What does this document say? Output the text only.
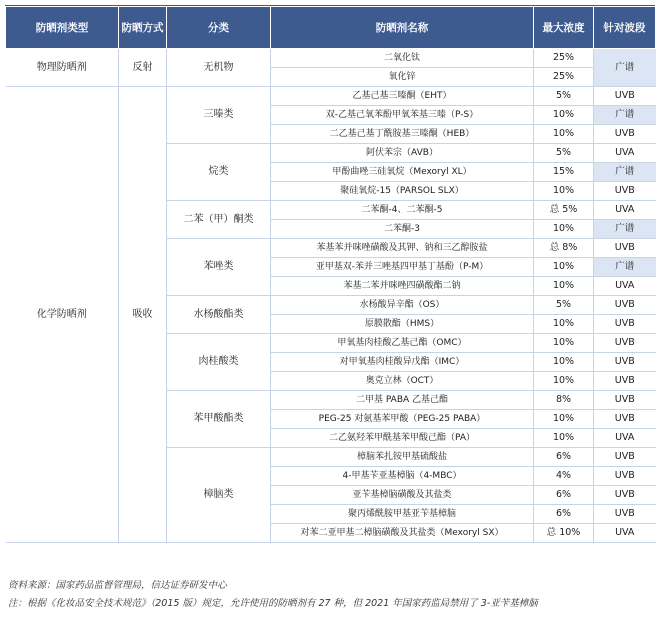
防晒剂类型	防晒方式	分类	防晒剂名称	最大浓度	针对波段
物理防晒剂	反射	无机物	二氧化钛	25%	广谱
			氧化锌	25%	
化学防晒剂	吸收	三嗪类	乙基己基三嗪酮（EHT）	5%	UVB
			双-乙基己氧苯酚甲氧苯基三嗪（P-S）	10%	广谱
			二乙基己基丁酰胺基三嗪酮（HEB）	10%	UVB
		烷类	阿伏苯宗（AVB）	5%	UVA
			甲酚曲唑三硅氧烷（Mexoryl XL）	15%	广谱
			聚硅氧烷-15（PARSOL SLX）	10%	UVB
		二苯（甲）酮类	二苯酮-4、二苯酮-5	总 5%	UVA
			二苯酮-3	10%	广谱
		苯唑类	苯基苯并咪唑磺酸及其钾、钠和三乙醇胺盐	总 8%	UVB
			亚甲基双-苯并三唑基四甲基丁基酚（P-M）	10%	广谱
			苯基二苯并咪唑四磺酸酯二钠	10%	UVA
		水杨酸酯类	水杨酸异辛酯（OS）	5%	UVB
			原膜散酯（HMS）	10%	UVB
		肉桂酸类	甲氧基肉桂酸乙基己酯（OMC）	10%	UVB
			对甲氧基肉桂酸异戊酯（IMC）	10%	UVB
			奥克立林（OCT）	10%	UVB
		苯甲酸酯类	二甲基 PABA 乙基己酯	8%	UVB
			PEG-25 对氨基苯甲酸（PEG-25 PABA）	10%	UVB
			二乙氨羟苯甲酰基苯甲酸己酯（PA）	10%	UVA
		樟脑类	樟脑苯扎铵甲基硫酸盐	6%	UVB
			4-甲基苄亚基樟脑（4-MBC）	4%	UVB
			亚苄基樟脑磺酸及其盐类	6%	UVB
			聚丙烯酰胺甲基亚苄基樟脑	6%	UVB
			对苯二亚甲基二樟脑磺酸及其盐类（Mexoryl SX）	总 10%	UVA
资料来源：国家药品监督管理局，信达证券研发中心
注：根据《化妆品安全技术规范》（2015 版）规定，允许使用的防晒剂有 27 种，但 2021 年国家药监局禁用了 3-亚苄基樟脑
